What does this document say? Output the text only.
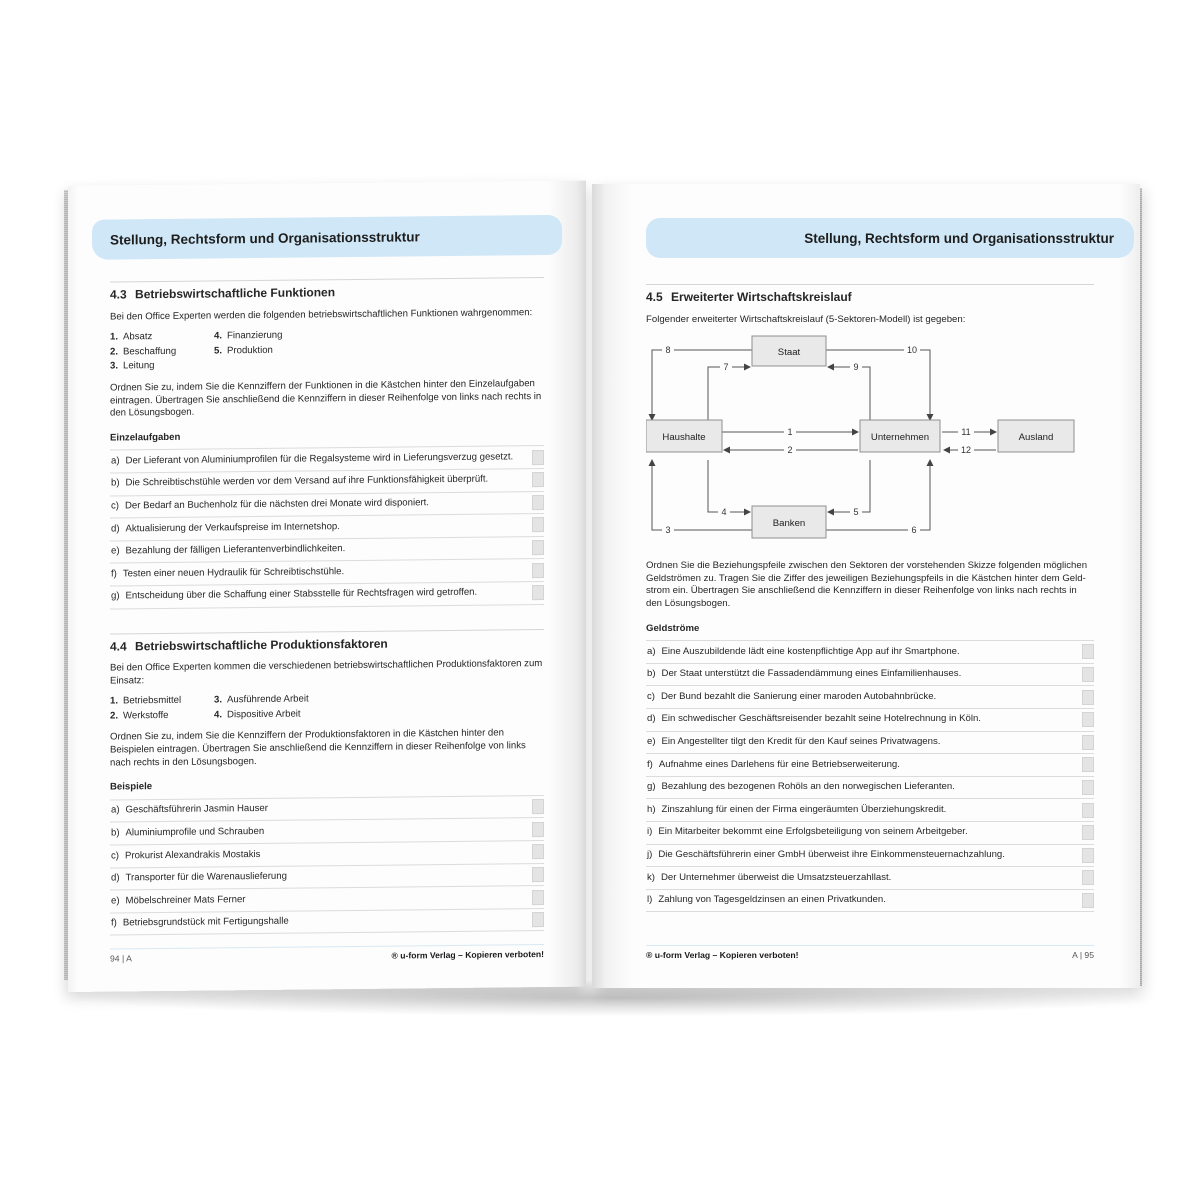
Stellung, Rechtsform und Organisationsstruktur
4.3 Betriebswirtschaftliche Funktionen

Bei den Office Experten werden die folgenden betriebswirtschaftlichen Funktionen wahrgenommen:

1. Absatz	4. Finanzierung
2. Beschaffung	5. Produktion
3. Leitung

Ordnen Sie zu, indem Sie die Kennziffern der Funktionen in die Kästchen hinter den Einzelaufgaben eintragen. Übertragen Sie anschließend die Kennziffern in dieser Reihenfolge von links nach rechts in den Lösungsbogen.

Einzelaufgaben
a) Der Lieferant von Aluminiumprofilen für die Regalsysteme wird in Lieferungsverzug gesetzt.
b) Die Schreibtischstühle werden vor dem Versand auf ihre Funktionsfähigkeit überprüft.
c) Der Bedarf an Buchenholz für die nächsten drei Monate wird disponiert.
d) Aktualisierung der Verkaufspreise im Internetshop.
e) Bezahlung der fälligen Lieferantenverbindlichkeiten.
f) Testen einer neuen Hydraulik für Schreibtischstühle.
g) Entscheidung über die Schaffung einer Stabsstelle für Rechtsfragen wird getroffen.
4.4 Betriebswirtschaftliche Produktionsfaktoren

Bei den Office Experten kommen die verschiedenen betriebswirtschaftlichen Produktionsfaktoren zum Einsatz:

1. Betriebsmittel	3. Ausführende Arbeit
2. Werkstoffe	4. Dispositive Arbeit

Ordnen Sie zu, indem Sie die Kennziffern der Produktionsfaktoren in die Kästchen hinter den Beispielen eintragen. Übertragen Sie anschließend die Kennziffern in dieser Reihenfolge von links nach rechts in den Lösungsbogen.

Beispiele
a) Geschäftsführerin Jasmin Hauser
b) Aluminiumprofile und Schrauben
c) Prokurist Alexandrakis Mostakis
d) Transporter für die Warenauslieferung
e) Möbelschreiner Mats Ferner
f) Betriebsgrundstück mit Fertigungshalle
94 | A	® u-form Verlag – Kopieren verboten!
Stellung, Rechtsform und Organisationsstruktur
4.5 Erweiterter Wirtschaftskreislauf

Folgender erweiterter Wirtschaftskreislauf (5-Sektoren-Modell) ist gegeben:

8	10
7	9
1
2
11
12
4	5
3	6
Staat
Haushalte	Unternehmen	Ausland
Banken

Ordnen Sie die Beziehungspfeile zwischen den Sektoren der vorstehenden Skizze folgenden möglichen Geldströmen zu. Tragen Sie die Ziffer des jeweiligen Beziehungspfeils in die Kästchen hinter dem Geld-strom ein. Übertragen Sie anschließend die Kennziffern in dieser Reihenfolge von links nach rechts in den Lösungsbogen.

Geldströme
a) Eine Auszubildende lädt eine kostenpflichtige App auf ihr Smartphone.
b) Der Staat unterstützt die Fassadendämmung eines Einfamilienhauses.
c) Der Bund bezahlt die Sanierung einer maroden Autobahnbrücke.
d) Ein schwedischer Geschäftsreisender bezahlt seine Hotelrechnung in Köln.
e) Ein Angestellter tilgt den Kredit für den Kauf seines Privatwagens.
f) Aufnahme eines Darlehens für eine Betriebserweiterung.
g) Bezahlung des bezogenen Rohöls an den norwegischen Lieferanten.
h) Zinszahlung für einen der Firma eingeräumten Überziehungskredit.
i) Ein Mitarbeiter bekommt eine Erfolgsbeteiligung von seinem Arbeitgeber.
j) Die Geschäftsführerin einer GmbH überweist ihre Einkommensteuernachzahlung.
k) Der Unternehmer überweist die Umsatzsteuerzahllast.
l) Zahlung von Tagesgeldzinsen an einen Privatkunden.
® u-form Verlag – Kopieren verboten!	A | 95
